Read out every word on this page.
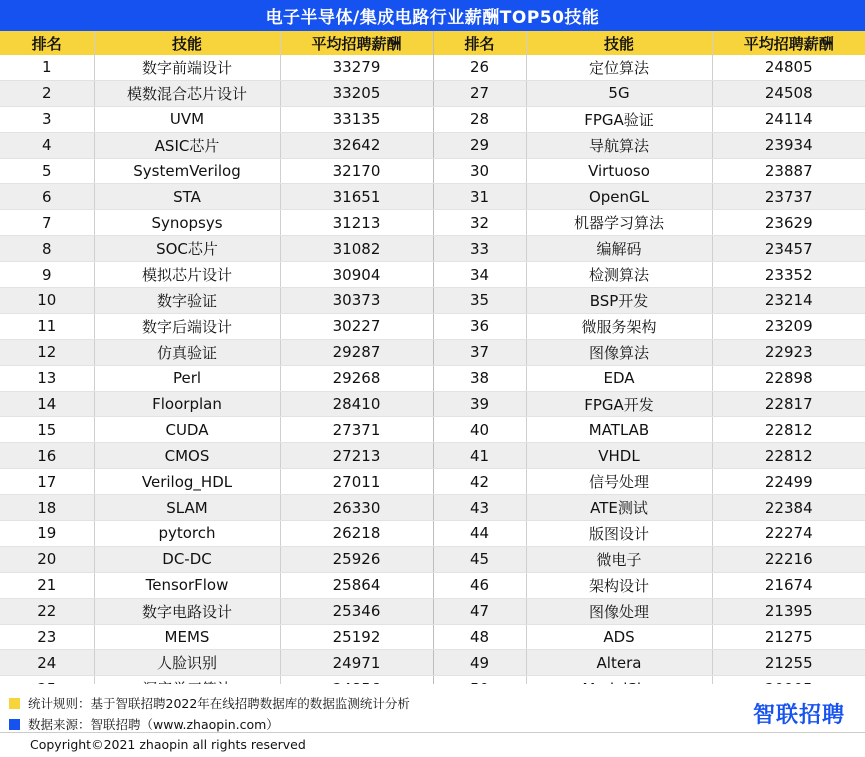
电子半导体/集成电路行业薪酬TOP50技能
排名	技能	平均招聘薪酬	排名	技能	平均招聘薪酬
1	数字前端设计	33279	26	定位算法	24805
2	模数混合芯片设计	33205	27	5G	24508
3	UVM	33135	28	FPGA验证	24114
4	ASIC芯片	32642	29	导航算法	23934
5	SystemVerilog	32170	30	Virtuoso	23887
6	STA	31651	31	OpenGL	23737
7	Synopsys	31213	32	机器学习算法	23629
8	SOC芯片	31082	33	编解码	23457
9	模拟芯片设计	30904	34	检测算法	23352
10	数字验证	30373	35	BSP开发	23214
11	数字后端设计	30227	36	微服务架构	23209
12	仿真验证	29287	37	图像算法	22923
13	Perl	29268	38	EDA	22898
14	Floorplan	28410	39	FPGA开发	22817
15	CUDA	27371	40	MATLAB	22812
16	CMOS	27213	41	VHDL	22812
17	Verilog_HDL	27011	42	信号处理	22499
18	SLAM	26330	43	ATE测试	22384
19	pytorch	26218	44	版图设计	22274
20	DC-DC	25926	45	微电子	22216
21	TensorFlow	25864	46	架构设计	21674
22	数字电路设计	25346	47	图像处理	21395
23	MEMS	25192	48	ADS	21275
24	人脸识别	24971	49	Altera	21255

统计规则：基于智联招聘2022年在线招聘数据库的数据监测统计分析
数据来源：智联招聘（www.zhaopin.com）	智联招聘
Copyright©2021 zhaopin all rights reserved
